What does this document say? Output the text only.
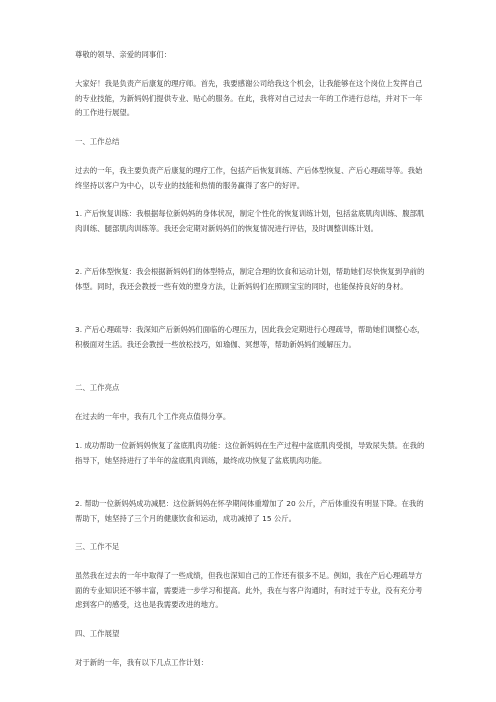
尊敬的领导、亲爱的同事们：

大家好！我是负责产后康复的理疗师。首先，我要感谢公司给我这个机会，让我能够在这个岗位上发挥自己的专业技能，为新妈妈们提供专业、贴心的服务。在此，我将对自己过去一年的工作进行总结，并对下一年的工作进行展望。

一、工作总结

过去的一年，我主要负责产后康复的理疗工作，包括产后恢复训练、产后体型恢复、产后心理疏导等。我始终坚持以客户为中心，以专业的技能和热情的服务赢得了客户的好评。

1. 产后恢复训练：我根据每位新妈妈的身体状况，制定个性化的恢复训练计划，包括盆底肌肉训练、腹部肌肉训练、腿部肌肉训练等。我还会定期对新妈妈们的恢复情况进行评估，及时调整训练计划。

2. 产后体型恢复：我会根据新妈妈们的体型特点，制定合理的饮食和运动计划，帮助她们尽快恢复到孕前的体型。同时，我还会教授一些有效的塑身方法，让新妈妈们在照顾宝宝的同时，也能保持良好的身材。

3. 产后心理疏导：我深知产后新妈妈们面临的心理压力，因此我会定期进行心理疏导，帮助她们调整心态，积极面对生活。我还会教授一些放松技巧，如瑜伽、冥想等，帮助新妈妈们缓解压力。

二、工作亮点

在过去的一年中，我有几个工作亮点值得分享。

1. 成功帮助一位新妈妈恢复了盆底肌肉功能：这位新妈妈在生产过程中盆底肌肉受损，导致尿失禁。在我的指导下，她坚持进行了半年的盆底肌肉训练，最终成功恢复了盆底肌肉功能。

2. 帮助一位新妈妈成功减肥：这位新妈妈在怀孕期间体重增加了 20 公斤，产后体重没有明显下降。在我的帮助下，她坚持了三个月的健康饮食和运动，成功减掉了 15 公斤。

三、工作不足

虽然我在过去的一年中取得了一些成绩，但我也深知自己的工作还有很多不足。例如，我在产后心理疏导方面的专业知识还不够丰富，需要进一步学习和提高。此外，我在与客户沟通时，有时过于专业，没有充分考虑到客户的感受，这也是我需要改进的地方。

四、工作展望

对于新的一年，我有以下几点工作计划：
